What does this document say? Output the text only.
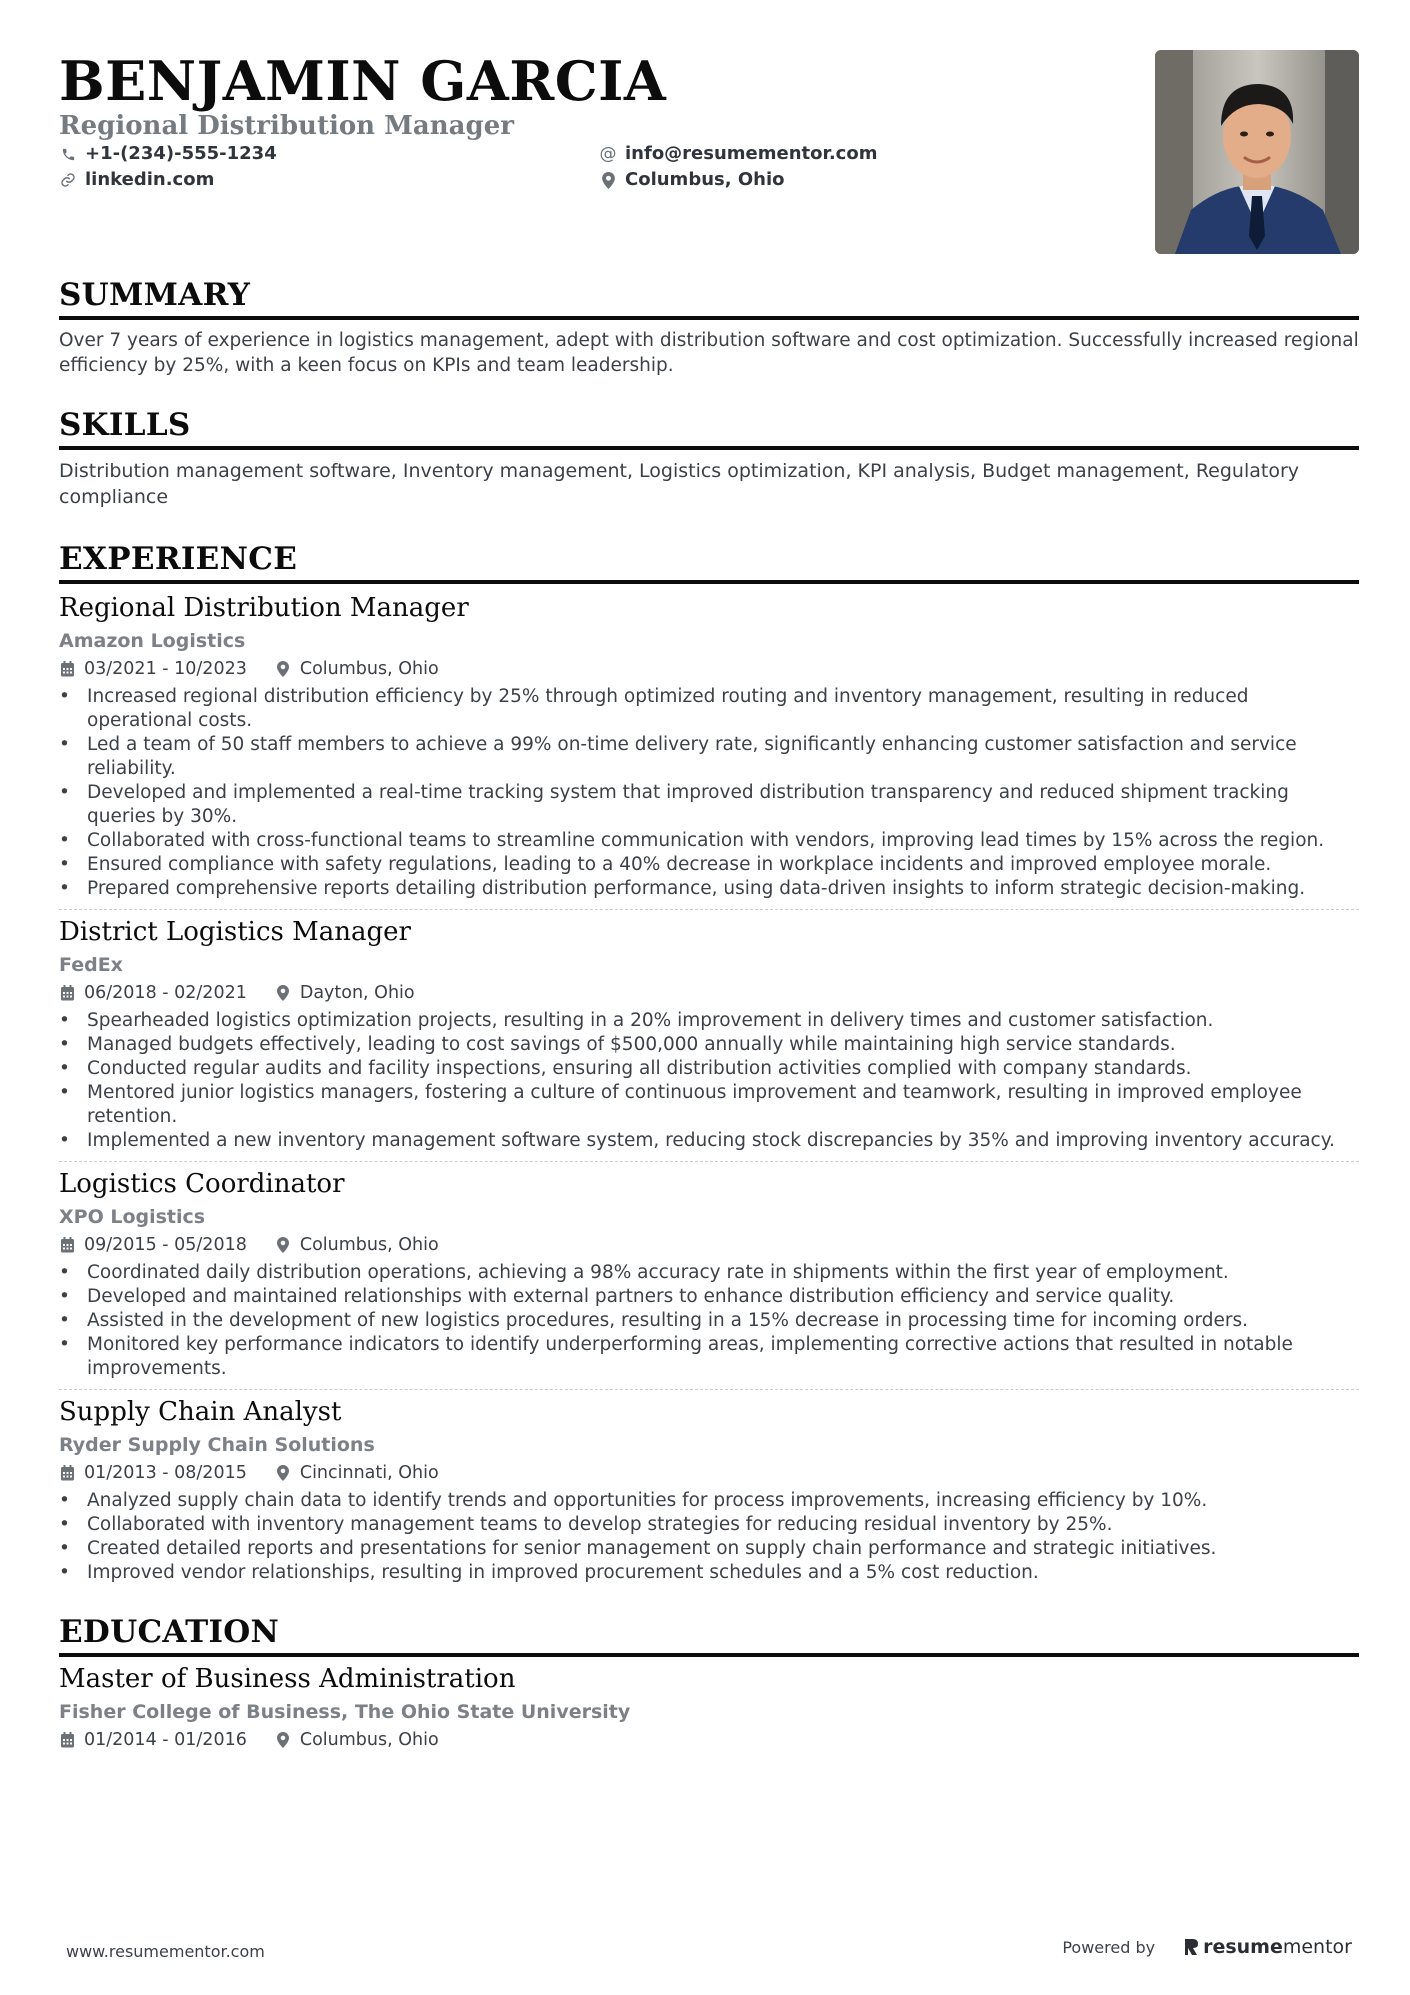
BENJAMIN GARCIA
Regional Distribution Manager
+1-(234)-555-1234	@ info@resumementor.com
linkedin.com	Columbus, Ohio
SUMMARY
Over 7 years of experience in logistics management, adept with distribution software and cost optimization. Successfully increased regional efficiency by 25%, with a keen focus on KPIs and team leadership.
SKILLS
Distribution management software, Inventory management, Logistics optimization, KPI analysis, Budget management, Regulatory compliance
EXPERIENCE
Regional Distribution Manager
Amazon Logistics
03/2021 - 10/2023	Columbus, Ohio
• Increased regional distribution efficiency by 25% through optimized routing and inventory management, resulting in reduced operational costs.
• Led a team of 50 staff members to achieve a 99% on-time delivery rate, significantly enhancing customer satisfaction and service reliability.
• Developed and implemented a real-time tracking system that improved distribution transparency and reduced shipment tracking queries by 30%.
• Collaborated with cross-functional teams to streamline communication with vendors, improving lead times by 15% across the region.
• Ensured compliance with safety regulations, leading to a 40% decrease in workplace incidents and improved employee morale.
• Prepared comprehensive reports detailing distribution performance, using data-driven insights to inform strategic decision-making.
District Logistics Manager
FedEx
06/2018 - 02/2021	Dayton, Ohio
• Spearheaded logistics optimization projects, resulting in a 20% improvement in delivery times and customer satisfaction.
• Managed budgets effectively, leading to cost savings of $500,000 annually while maintaining high service standards.
• Conducted regular audits and facility inspections, ensuring all distribution activities complied with company standards.
• Mentored junior logistics managers, fostering a culture of continuous improvement and teamwork, resulting in improved employee retention.
• Implemented a new inventory management software system, reducing stock discrepancies by 35% and improving inventory accuracy.
Logistics Coordinator
XPO Logistics
09/2015 - 05/2018	Columbus, Ohio
• Coordinated daily distribution operations, achieving a 98% accuracy rate in shipments within the first year of employment.
• Developed and maintained relationships with external partners to enhance distribution efficiency and service quality.
• Assisted in the development of new logistics procedures, resulting in a 15% decrease in processing time for incoming orders.
• Monitored key performance indicators to identify underperforming areas, implementing corrective actions that resulted in notable improvements.
Supply Chain Analyst
Ryder Supply Chain Solutions
01/2013 - 08/2015	Cincinnati, Ohio
• Analyzed supply chain data to identify trends and opportunities for process improvements, increasing efficiency by 10%.
• Collaborated with inventory management teams to develop strategies for reducing residual inventory by 25%.
• Created detailed reports and presentations for senior management on supply chain performance and strategic initiatives.
• Improved vendor relationships, resulting in improved procurement schedules and a 5% cost reduction.
EDUCATION
Master of Business Administration
Fisher College of Business, The Ohio State University
01/2014 - 01/2016	Columbus, Ohio
www.resumementor.com	Powered by	resume mentor
